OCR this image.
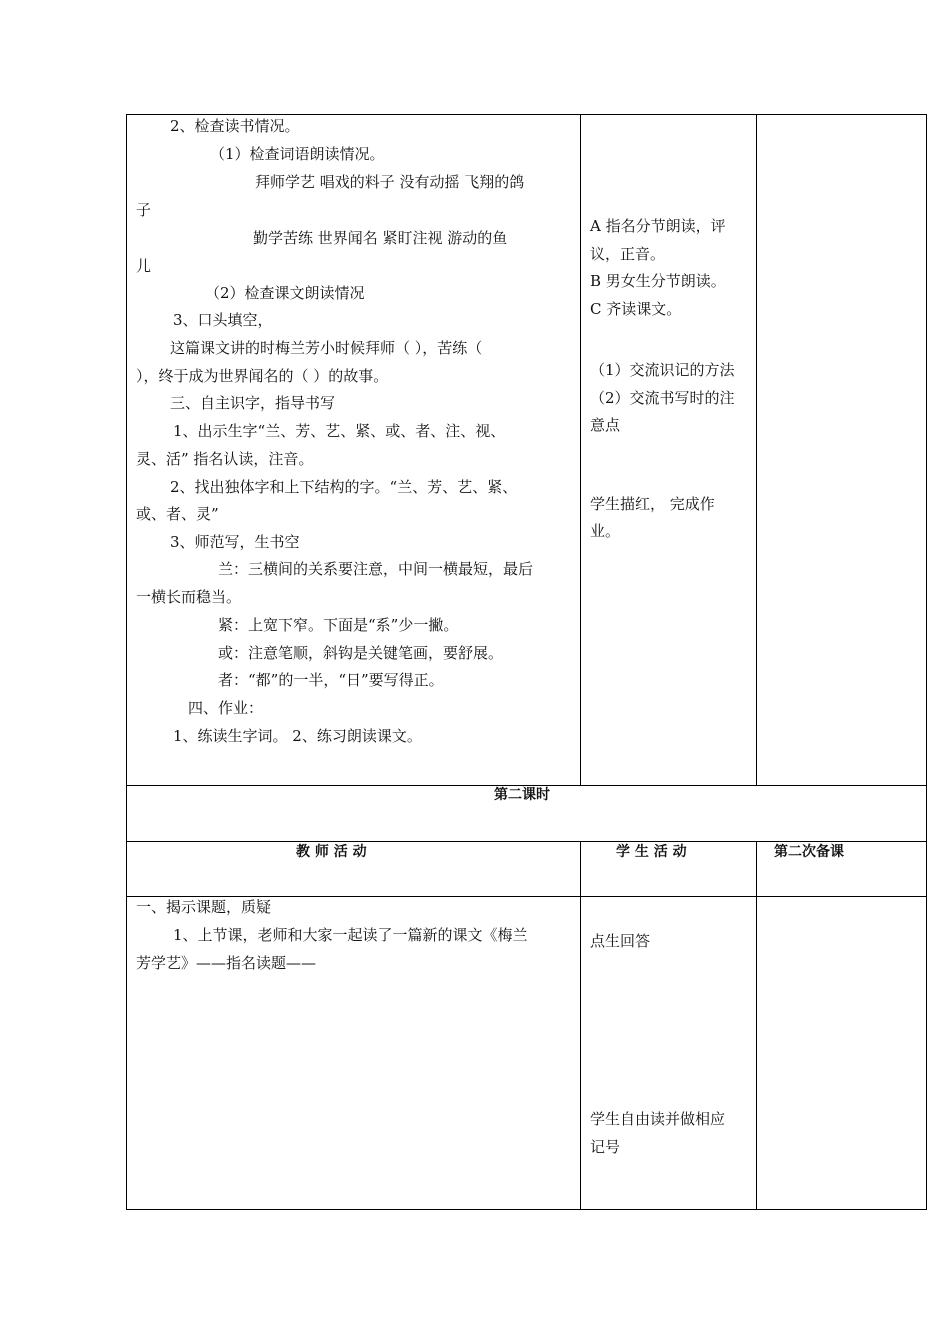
2、检查读书情况。
（1）检查词语朗读情况。
拜师学艺 唱戏的料子 没有动摇 飞翔的鸽
子
勤学苦练 世界闻名 紧盯注视 游动的鱼
儿
（2）检查课文朗读情况
3、口头填空，
这篇课文讲的时梅兰芳小时候拜师（ ），苦练（
），终于成为世界闻名的（ ）的故事。
三、自主识字，指导书写
1、出示生字“兰、芳、艺、紧、或、者、注、视、
灵、活” 指名认读，注音。
2、找出独体字和上下结构的字。“兰、芳、艺、紧、
或、者、灵”
3、师范写，生书空
兰：三横间的关系要注意，中间一横最短，最后
一横长而稳当。
紧：上宽下窄。下面是“系”少一撇。
或：注意笔顺，斜钩是关键笔画，要舒展。
者：“都”的一半，“日”要写得正。
四、作业：
1、练读生字词。 2、练习朗读课文。
A 指名分节朗读，评
议，正音。
B 男女生分节朗读。
C 齐读课文。
（1）交流识记的方法
（2）交流书写时的注
意点
学生描红， 完成作
业。
第二课时
教 师 活 动	学 生 活 动	第二次备课
一、揭示课题，质疑
1、上节课，老师和大家一起读了一篇新的课文《梅兰
芳学艺》——指名读题——
点生回答
学生自由读并做相应
记号
